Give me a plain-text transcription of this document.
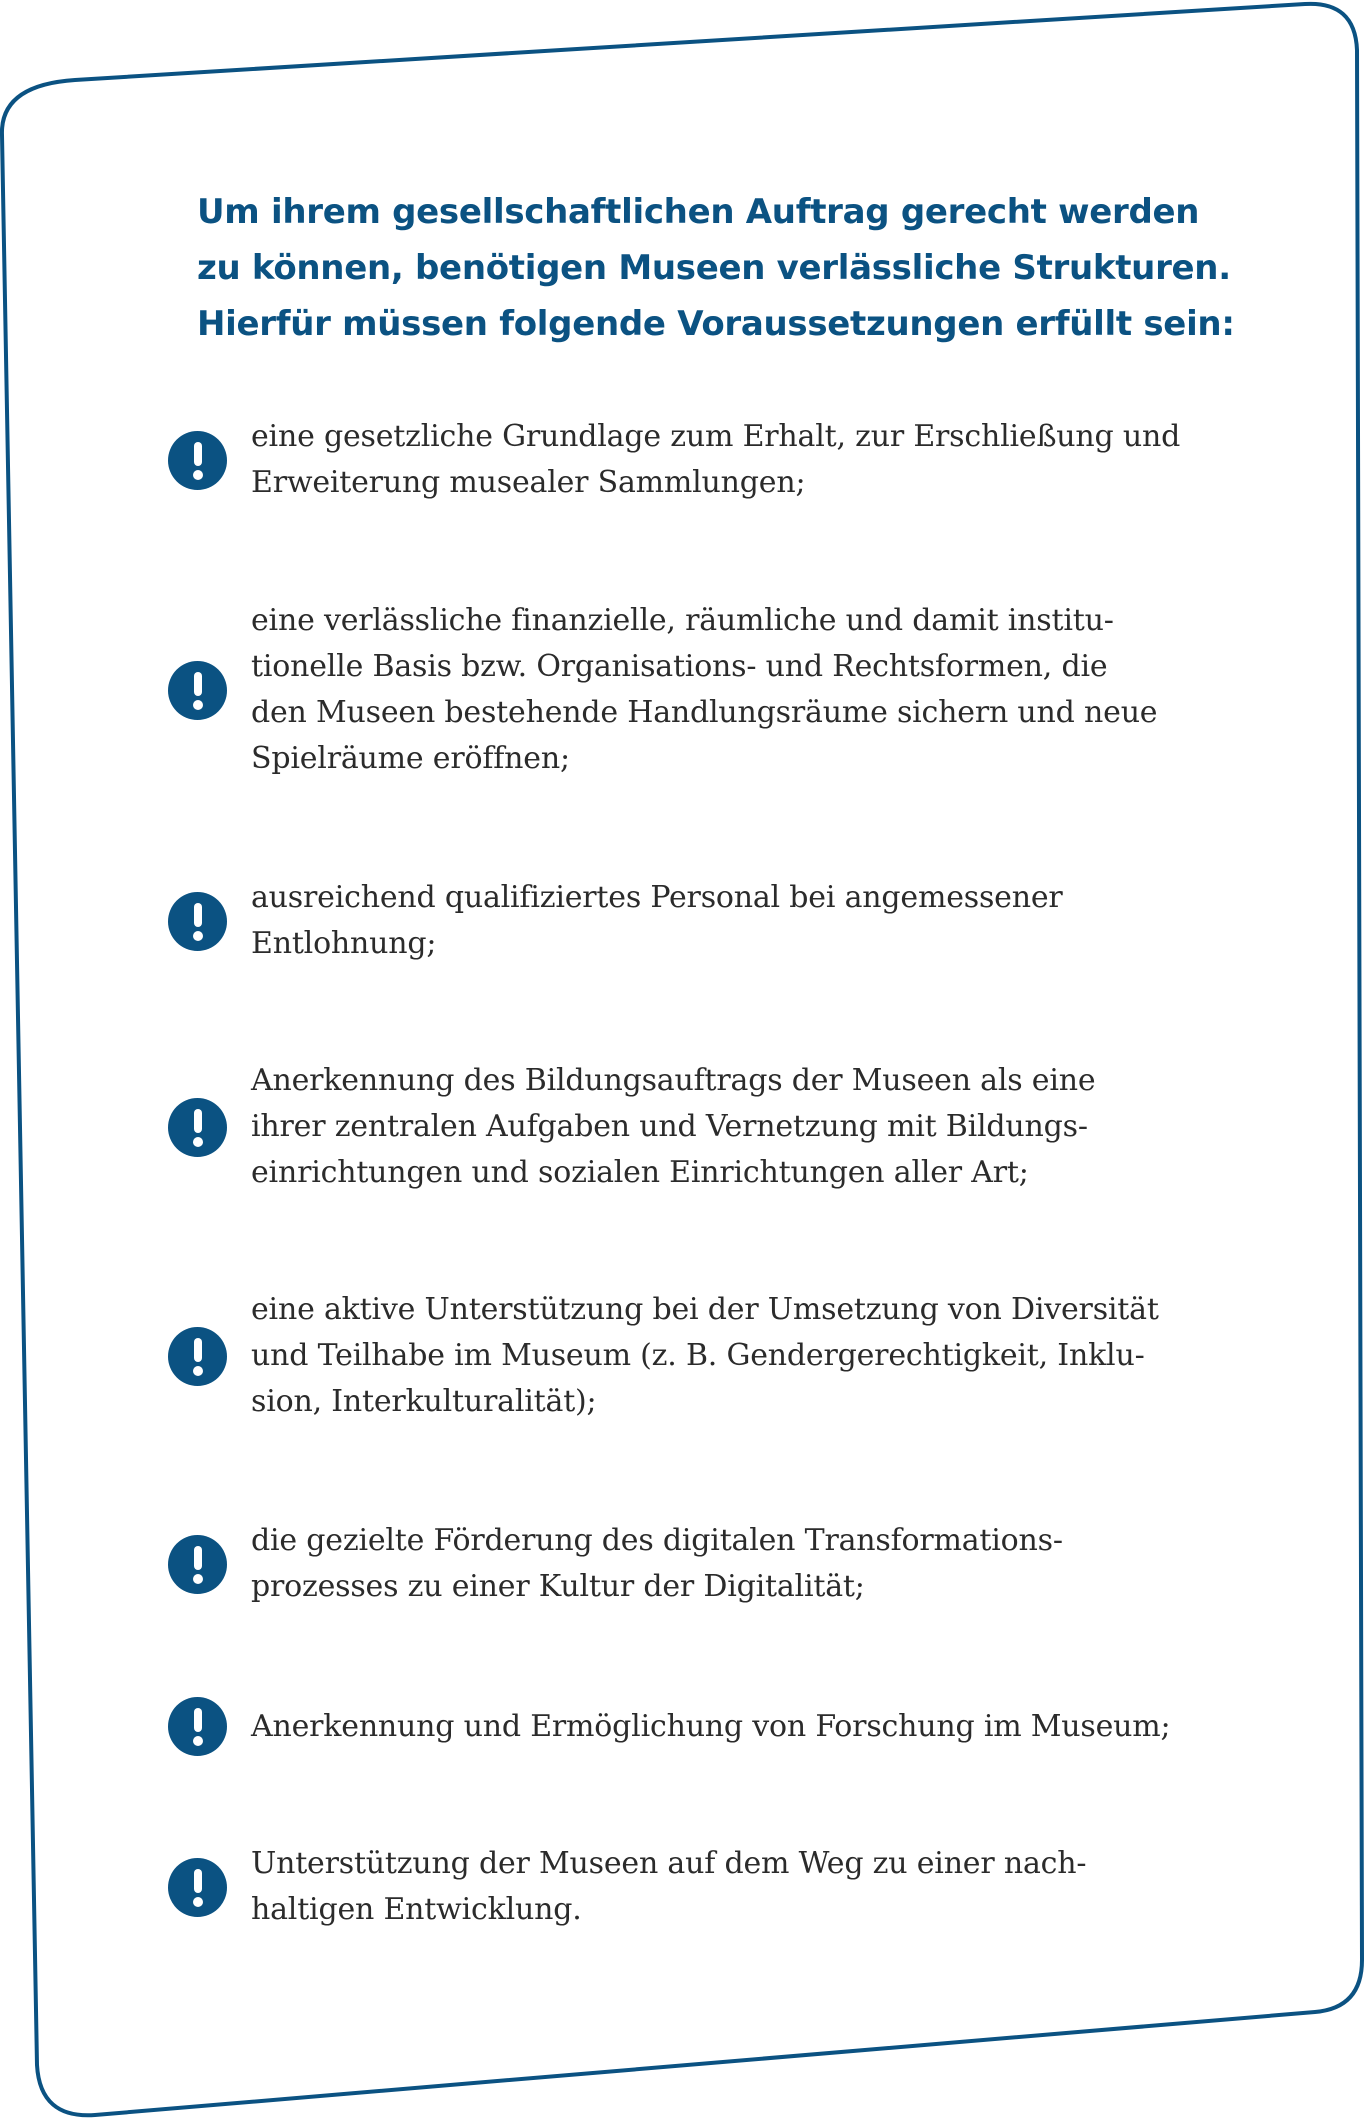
Um ihrem gesellschaftlichen Auftrag gerecht werden
zu können, benötigen Museen verlässliche Strukturen.
Hierfür müssen folgende Voraussetzungen erfüllt sein:
eine gesetzliche Grundlage zum Erhalt, zur Erschließung und
Erweiterung musealer Sammlungen;
eine verlässliche finanzielle, räumliche und damit institu-
tionelle Basis bzw. Organisations- und Rechtsformen, die
den Museen bestehende Handlungsräume sichern und neue
Spielräume eröffnen;
ausreichend qualifiziertes Personal bei angemessener
Entlohnung;
Anerkennung des Bildungsauftrags der Museen als eine
ihrer zentralen Aufgaben und Vernetzung mit Bildungs-
einrichtungen und sozialen Einrichtungen aller Art;
eine aktive Unterstützung bei der Umsetzung von Diversität
und Teilhabe im Museum (z. B. Gendergerechtigkeit, Inklu-
sion, Interkulturalität);
die gezielte Förderung des digitalen Transformations-
prozesses zu einer Kultur der Digitalität;
Anerkennung und Ermöglichung von Forschung im Museum;
Unterstützung der Museen auf dem Weg zu einer nach-
haltigen Entwicklung.
